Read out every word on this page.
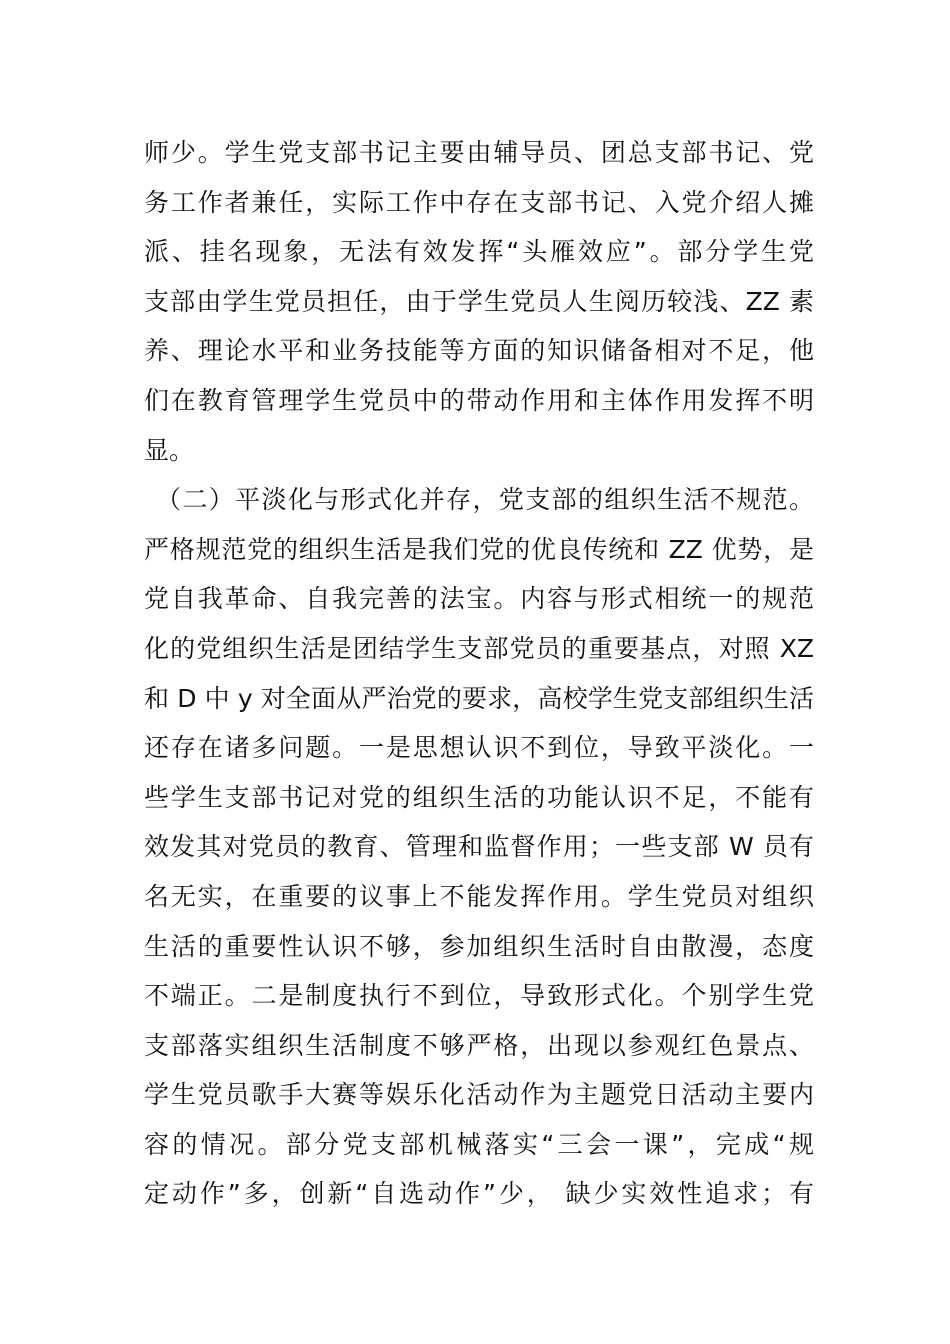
师少。学生党支部书记主要由辅导员、团总支部书记、党
务工作者兼任，实际工作中存在支部书记、入党介绍人摊
派、挂名现象，无法有效发挥“头雁效应”。部分学生党
支部由学生党员担任，由于学生党员人生阅历较浅、ZZ 素
养、理论水平和业务技能等方面的知识储备相对不足，他
们在教育管理学生党员中的带动作用和主体作用发挥不明
显。
（二）平淡化与形式化并存，党支部的组织生活不规范。
严格规范党的组织生活是我们党的优良传统和 ZZ 优势，是
党自我革命、自我完善的法宝。内容与形式相统一的规范
化的党组织生活是团结学生支部党员的重要基点，对照 XZ
和 D 中 y 对全面从严治党的要求，高校学生党支部组织生活
还存在诸多问题。一是思想认识不到位，导致平淡化。一
些学生支部书记对党的组织生活的功能认识不足，不能有
效发其对党员的教育、管理和监督作用；一些支部 W 员有
名无实，在重要的议事上不能发挥作用。学生党员对组织
生活的重要性认识不够，参加组织生活时自由散漫，态度
不端正。二是制度执行不到位，导致形式化。个别学生党
支部落实组织生活制度不够严格，出现以参观红色景点、
学生党员歌手大赛等娱乐化活动作为主题党日活动主要内
容的情况。部分党支部机械落实“三会一课”，完成“规
定动作”多，创新“自选动作”少， 缺少实效性追求；有
